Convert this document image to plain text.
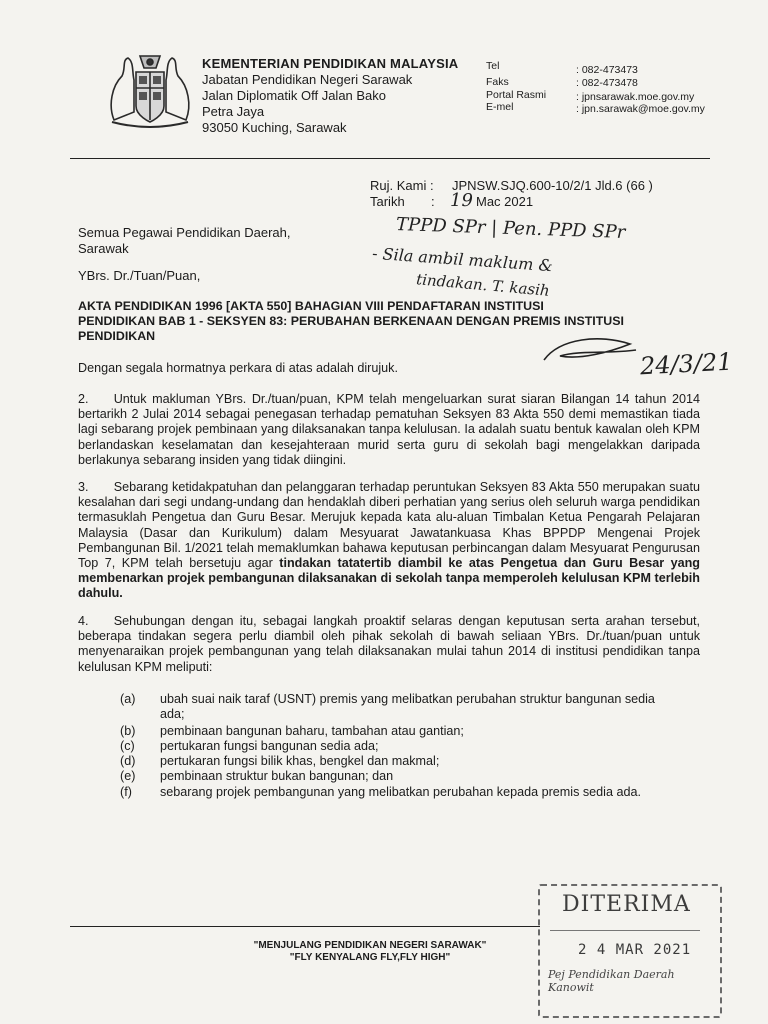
KEMENTERIAN PENDIDIKAN MALAYSIA
Jabatan Pendidikan Negeri Sarawak
Jalan Diplomatik Off Jalan Bako
Petra Jaya
93050 Kuching, Sarawak
Tel	: 082-473473
Faks	: 082-473478
Portal Rasmi	: jpnsarawak.moe.gov.my
E-mel	: jpn.sarawak@moe.gov.my
Ruj. Kami : JPNSW.SJQ.600-10/2/1 Jld.6 (66 )
Tarikh : 19 Mac 2021
Semua Pegawai Pendidikan Daerah,
Sarawak
YBrs. Dr./Tuan/Puan,
TPPD SPr | Pen. PPD SPr
- Sila ambil maklum &
tindakan. T. kasih
24/3/21
AKTA PENDIDIKAN 1996 [AKTA 550] BAHAGIAN VIII PENDAFTARAN INSTITUSI
PENDIDIKAN BAB 1 - SEKSYEN 83: PERUBAHAN BERKENAAN DENGAN PREMIS INSTITUSI
PENDIDIKAN
Dengan segala hormatnya perkara di atas adalah dirujuk.
2.  Untuk makluman YBrs. Dr./tuan/puan, KPM telah mengeluarkan surat siaran Bilangan 14 tahun 2014 bertarikh 2 Julai 2014 sebagai penegasan terhadap pematuhan Seksyen 83 Akta 550 demi memastikan tiada lagi sebarang projek pembinaan yang dilaksanakan tanpa kelulusan. Ia adalah suatu bentuk kawalan oleh KPM berlandaskan keselamatan dan kesejahteraan murid serta guru di sekolah bagi mengelakkan daripada berlakunya sebarang insiden yang tidak diingini.
3.  Sebarang ketidakpatuhan dan pelanggaran terhadap peruntukan Seksyen 83 Akta 550 merupakan suatu kesalahan dari segi undang-undang dan hendaklah diberi perhatian yang serius oleh seluruh warga pendidikan termasuklah Pengetua dan Guru Besar. Merujuk kepada kata alu-aluan Timbalan Ketua Pengarah Pelajaran Malaysia (Dasar dan Kurikulum) dalam Mesyuarat Jawatankuasa Khas BPPDP Mengenai Projek Pembangunan Bil. 1/2021 telah memaklumkan bahawa keputusan perbincangan dalam Mesyuarat Pengurusan Top 7, KPM telah bersetuju agar tindakan tatatertib diambil ke atas Pengetua dan Guru Besar yang membenarkan projek pembangunan dilaksanakan di sekolah tanpa memperoleh kelulusan KPM terlebih dahulu.
4.  Sehubungan dengan itu, sebagai langkah proaktif selaras dengan keputusan serta arahan tersebut, beberapa tindakan segera perlu diambil oleh pihak sekolah di bawah seliaan YBrs. Dr./tuan/puan untuk menyenaraikan projek pembangunan yang telah dilaksanakan mulai tahun 2014 di institusi pendidikan tanpa kelulusan KPM meliputi:
(a)	ubah suai naik taraf (USNT) premis yang melibatkan perubahan struktur bangunan sedia ada;
(b)	pembinaan bangunan baharu, tambahan atau gantian;
(c)	pertukaran fungsi bangunan sedia ada;
(d)	pertukaran fungsi bilik khas, bengkel dan makmal;
(e)	pembinaan struktur bukan bangunan; dan
(f)	sebarang projek pembangunan yang melibatkan perubahan kepada premis sedia ada.
"MENJULANG PENDIDIKAN NEGERI SARAWAK"
"FLY KENYALANG FLY,FLY HIGH"
DITERIMA
2 4 MAR 2021
Pej Pendidikan Daerah Kanowit
